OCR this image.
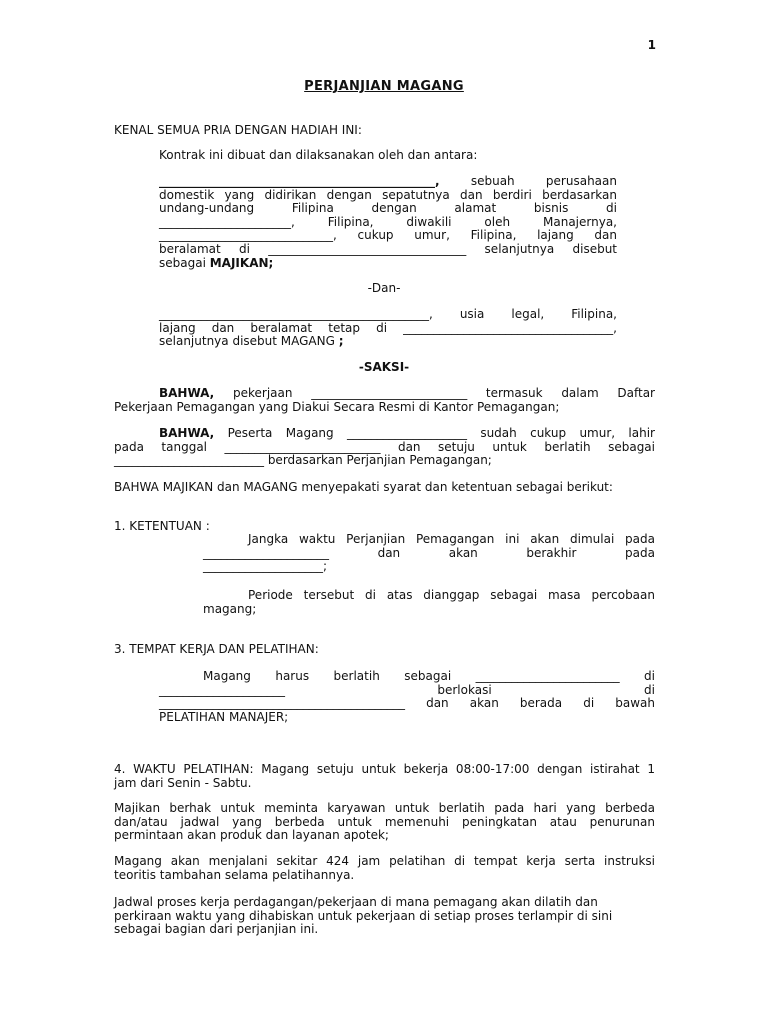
1
PERJANJIAN MAGANG
KENAL SEMUA PRIA DENGAN HADIAH INI:
Kontrak ini dibuat dan dilaksanakan oleh dan antara:
______________________________________________, sebuah perusahaan
domestik yang didirikan dengan sepatutnya dan berdiri berdasarkan
undang-undang Filipina dengan alamat bisnis di
______________________, Filipina, diwakili oleh Manajernya,
_____________________________, cukup umur, Filipina, lajang dan
beralamat di _________________________________ selanjutnya disebut
sebagai MAJIKAN;
-Dan-
_____________________________________________, usia legal, Filipina,
lajang dan beralamat tetap di ___________________________________,
selanjutnya disebut MAGANG ;
-SAKSI-
BAHWA, pekerjaan __________________________ termasuk dalam Daftar
Pekerjaan Pemagangan yang Diakui Secara Resmi di Kantor Pemagangan;
BAHWA, Peserta Magang ____________________ sudah cukup umur, lahir
pada tanggal __________________________ dan setuju untuk berlatih sebagai
_________________________ berdasarkan Perjanjian Pemagangan;
BAHWA MAJIKAN dan MAGANG menyepakati syarat dan ketentuan sebagai berikut:
1. KETENTUAN :
Jangka waktu Perjanjian Pemagangan ini akan dimulai pada
_____________________ dan akan berakhir pada
____________________;
Periode tersebut di atas dianggap sebagai masa percobaan
magang;
3. TEMPAT KERJA DAN PELATIHAN:
Magang harus berlatih sebagai ________________________ di
_____________________ berlokasi di
_________________________________________ dan akan berada di bawah
PELATIHAN MANAJER;
4. WAKTU PELATIHAN: Magang setuju untuk bekerja 08:00-17:00 dengan istirahat 1
jam dari Senin - Sabtu.
Majikan berhak untuk meminta karyawan untuk berlatih pada hari yang berbeda
dan/atau jadwal yang berbeda untuk memenuhi peningkatan atau penurunan
permintaan akan produk dan layanan apotek;
Magang akan menjalani sekitar 424 jam pelatihan di tempat kerja serta instruksi
teoritis tambahan selama pelatihannya.
Jadwal proses kerja perdagangan/pekerjaan di mana pemagang akan dilatih dan
perkiraan waktu yang dihabiskan untuk pekerjaan di setiap proses terlampir di sini
sebagai bagian dari perjanjian ini.
